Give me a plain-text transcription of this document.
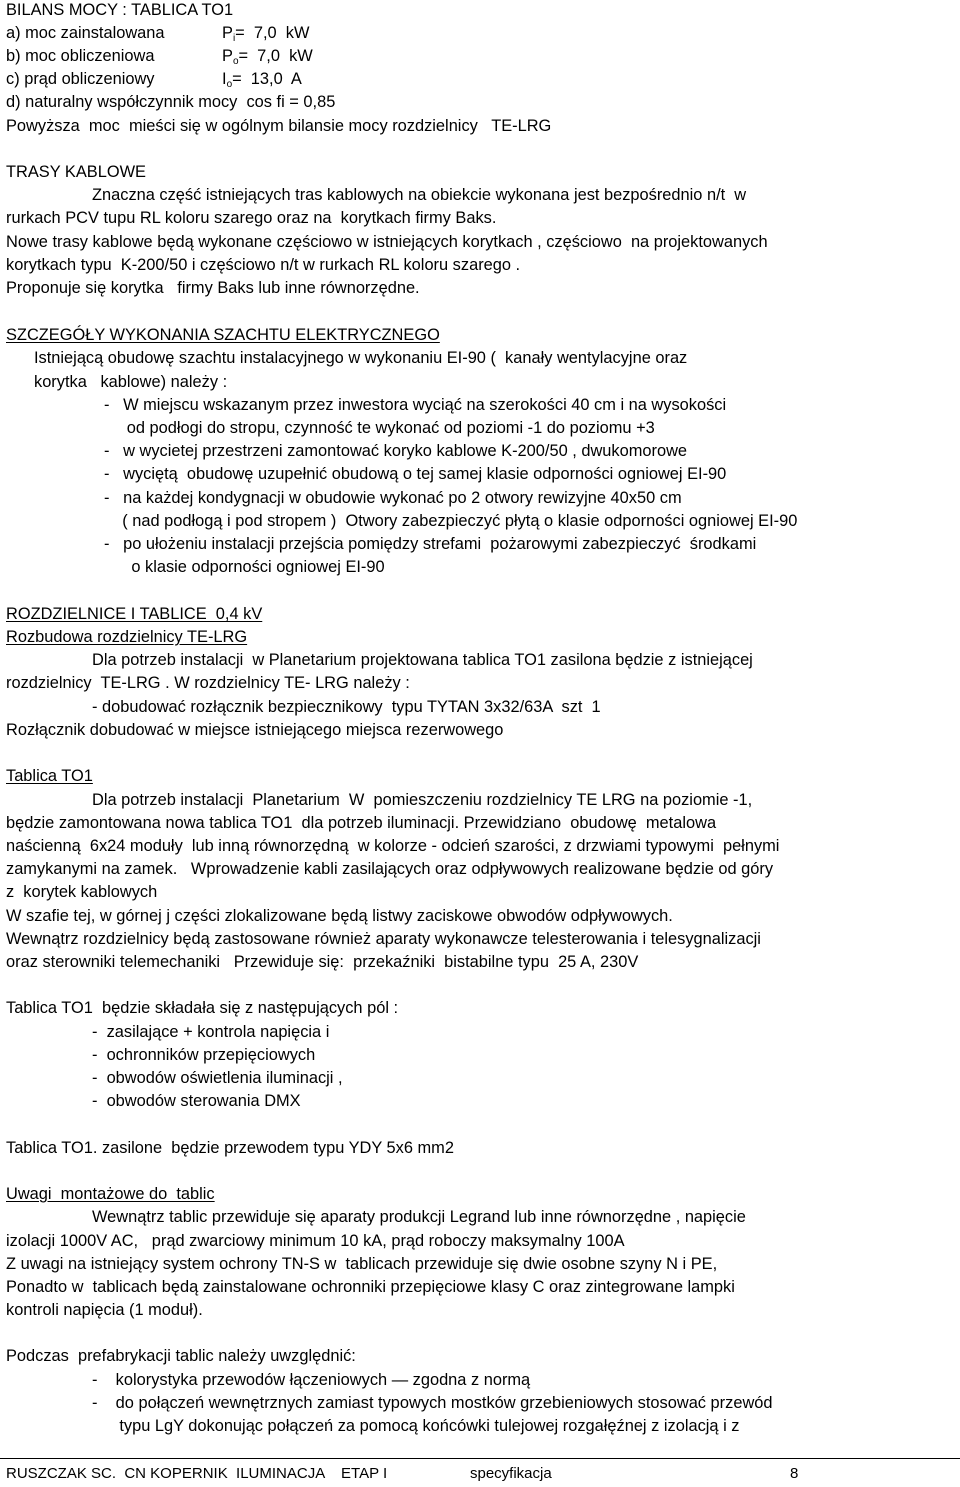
BILANS MOCY : TABLICA TO1
a) moc zainstalowana	$P_i= 7,0$  kW
b) moc obliczeniowa	$P_o= 7,0$  kW
c) prąd obliczeniowy	$I_o= 13,0$  A
d) naturalny współczynnik mocy  cos fi = 0,85
Powyższa  moc  mieści się w ogólnym bilansie mocy rozdzielnicy   TE-LRG
TRASY KABLOWE
Znaczna część istniejących tras kablowych na obiekcie wykonana jest bezpośrednio n/t  w
rurkach PCV tupu RL koloru szarego oraz na  korytkach firmy Baks.
Nowe trasy kablowe będą wykonane częściowo w istniejących korytkach , częściowo  na projektowanych
korytkach typu  K-200/50 i częściowo n/t w rurkach RL koloru szarego .
Proponuje się korytka   firmy Baks lub inne równorzędne.
SZCZEGÓŁY WYKONANIA SZACHTU ELEKTRYCZNEGO
Istniejącą obudowę szachtu instalacyjnego w wykonaniu EI-90 (  kanały wentylacyjne oraz
korytka   kablowe) należy :
-   W miejscu wskazanym przez inwestora wyciąć na szerokości 40 cm i na wysokości
od podłogi do stropu, czynność te wykonać od poziomi -1 do poziomu +3
-   w wycietej przestrzeni zamontować koryko kablowe K-200/50 , dwukomorowe
-   wyciętą  obudowę uzupełnić obudową o tej samej klasie odporności ogniowej EI-90
-   na każdej kondygnacji w obudowie wykonać po 2 otwory rewizyjne 40x50 cm
( nad podłogą i pod stropem )  Otwory zabezpieczyć płytą o klasie odporności ogniowej EI-90
-   po ułożeniu instalacji przejścia pomiędzy strefami  pożarowymi zabezpieczyć  środkami
o klasie odporności ogniowej EI-90
ROZDZIELNICE I TABLICE  0,4 kV
Rozbudowa rozdzielnicy TE-LRG
Dla potrzeb instalacji  w Planetarium projektowana tablica TO1 zasilona będzie z istniejącej
rozdzielnicy  TE-LRG . W rozdzielnicy TE- LRG należy :
- dobudować rozłącznik bezpiecznikowy  typu TYTAN 3x32/63A  szt  1
Rozłącznik dobudować w miejsce istniejącego miejsca rezerwowego
Tablica TO1
Dla potrzeb instalacji  Planetarium  W  pomieszczeniu rozdzielnicy TE LRG na poziomie -1,
będzie zamontowana nowa tablica TO1  dla potrzeb iluminacji. Przewidziano  obudowę  metalowa
naścienną  6x24 moduły  lub inną równorzędną  w kolorze - odcień szarości, z drzwiami typowymi  pełnymi
zamykanymi na zamek.   Wprowadzenie kabli zasilających oraz odpływowych realizowane będzie od góry
z  korytek kablowych
W szafie tej, w górnej j części zlokalizowane będą listwy zaciskowe obwodów odpływowych.
Wewnątrz rozdzielnicy będą zastosowane również aparaty wykonawcze telesterowania i telesygnalizacji
oraz sterowniki telemechaniki   Przewiduje się:  przekaźniki  bistabilne typu  25 A, 230V
Tablica TO1  będzie składała się z następujących pól :
-  zasilające + kontrola napięcia i
-  ochronników przepięciowych
-  obwodów oświetlenia iluminacji ,
-  obwodów sterowania DMX
Tablica TO1. zasilone  będzie przewodem typu YDY 5x6 mm2
Uwagi  montażowe do  tablic
Wewnątrz tablic przewiduje się aparaty produkcji Legrand lub inne równorzędne , napięcie
izolacji 1000V AC,   prąd zwarciowy minimum 10 kA, prąd roboczy maksymalny 100A
Z uwagi na istniejący system ochrony TN-S w  tablicach przewiduje się dwie osobne szyny N i PE,
Ponadto w  tablicach będą zainstalowane ochronniki przepięciowe klasy C oraz zintegrowane lampki
kontroli napięcia (1 moduł).
Podczas  prefabrykacji tablic należy uwzględnić:
-    kolorystyka przewodów łączeniowych — zgodna z normą
-    do połączeń wewnętrznych zamiast typowych mostków grzebieniowych stosować przewód
typu LgY dokonując połączeń za pomocą końcówki tulejowej rozgałęźnej z izolacją i z
RUSZCZAK SC.  CN KOPERNIK  ILUMINACJA    ETAP I	specyfikacja	8
